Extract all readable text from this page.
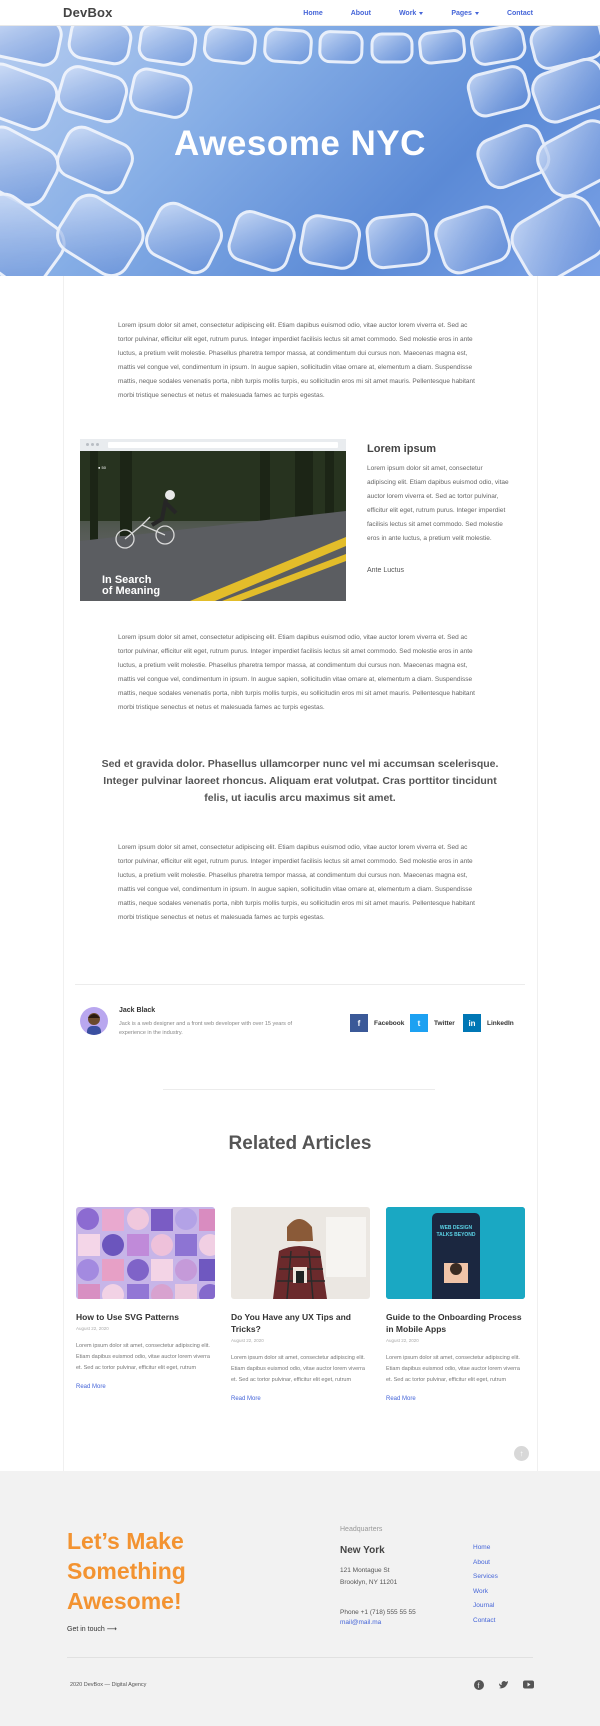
DevBox	Home	About	Work	Pages	Contact
Awesome NYC
Lorem ipsum dolor sit amet, consectetur adipiscing elit. Etiam dapibus euismod odio, vitae auctor lorem viverra et. Sed ac tortor pulvinar, efficitur elit eget, rutrum purus. Integer imperdiet facilisis lectus sit amet commodo. Sed molestie eros in ante luctus, a pretium velit molestie. Phasellus pharetra tempor massa, at condimentum dui cursus non. Maecenas magna est, mattis vel congue vel, condimentum in ipsum. In augue sapien, sollicitudin vitae ornare at, elementum a diam. Suspendisse mattis, neque sodales venenatis porta, nibh turpis mollis turpis, eu sollicitudin eros mi sit amet mauris. Pellentesque habitant morbi tristique senectus et netus et malesuada fames ac turpis egestas.
● 50
In Search
of Meaning
Lorem ipsum
Lorem ipsum dolor sit amet, consectetur adipiscing elit. Etiam dapibus euismod odio, vitae auctor lorem viverra et. Sed ac tortor pulvinar, efficitur elit eget, rutrum purus. Integer imperdiet facilisis lectus sit amet commodo. Sed molestie eros in ante luctus, a pretium velit molestie.
Ante Luctus
Lorem ipsum dolor sit amet, consectetur adipiscing elit. Etiam dapibus euismod odio, vitae auctor lorem viverra et. Sed ac tortor pulvinar, efficitur elit eget, rutrum purus. Integer imperdiet facilisis lectus sit amet commodo. Sed molestie eros in ante luctus, a pretium velit molestie. Phasellus pharetra tempor massa, at condimentum dui cursus non. Maecenas magna est, mattis vel congue vel, condimentum in ipsum. In augue sapien, sollicitudin vitae ornare at, elementum a diam. Suspendisse mattis, neque sodales venenatis porta, nibh turpis mollis turpis, eu sollicitudin eros mi sit amet mauris. Pellentesque habitant morbi tristique senectus et netus et malesuada fames ac turpis egestas.
Sed et gravida dolor. Phasellus ullamcorper nunc vel mi accumsan scelerisque. Integer pulvinar laoreet rhoncus. Aliquam erat volutpat. Cras porttitor tincidunt felis, ut iaculis arcu maximus sit amet.
Lorem ipsum dolor sit amet, consectetur adipiscing elit. Etiam dapibus euismod odio, vitae auctor lorem viverra et. Sed ac tortor pulvinar, efficitur elit eget, rutrum purus. Integer imperdiet facilisis lectus sit amet commodo. Sed molestie eros in ante luctus, a pretium velit molestie. Phasellus pharetra tempor massa, at condimentum dui cursus non. Maecenas magna est, mattis vel congue vel, condimentum in ipsum. In augue sapien, sollicitudin vitae ornare at, elementum a diam. Suspendisse mattis, neque sodales venenatis porta, nibh turpis mollis turpis, eu sollicitudin eros mi sit amet mauris. Pellentesque habitant morbi tristique senectus et netus et malesuada fames ac turpis egestas.
Jack Black
Jack is a web designer and a front web developer with over 15 years of experience in the industry.
f	Facebook	t	Twitter	in	LinkedIn
Related Articles
How to Use SVG Patterns
August 22, 2020
Lorem ipsum dolor sit amet, consectetur adipiscing elit. Etiam dapibus euismod odio, vitae auctor lorem viverra et. Sed ac tortor pulvinar, efficitur elit eget, rutrum
Read More
Do You Have any UX Tips and Tricks?
August 22, 2020
Lorem ipsum dolor sit amet, consectetur adipiscing elit. Etiam dapibus euismod odio, vitae auctor lorem viverra et. Sed ac tortor pulvinar, efficitur elit eget, rutrum
Read More
WEB DESIGN TALKS BEYOND
Guide to the Onboarding Process in Mobile Apps
August 22, 2020
Lorem ipsum dolor sit amet, consectetur adipiscing elit. Etiam dapibus euismod odio, vitae auctor lorem viverra et. Sed ac tortor pulvinar, efficitur elit eget, rutrum
Read More
↑
Let’s Make
Something
Awesome!
Get in touch ⟶
Headquarters
New York
121 Montague St
Brooklyn, NY 11201
Phone +1 (718) 555 55 55
mail@mail.ma
Home
About
Services
Work
Journal
Contact
2020 DevBox — Digital Agency	f
